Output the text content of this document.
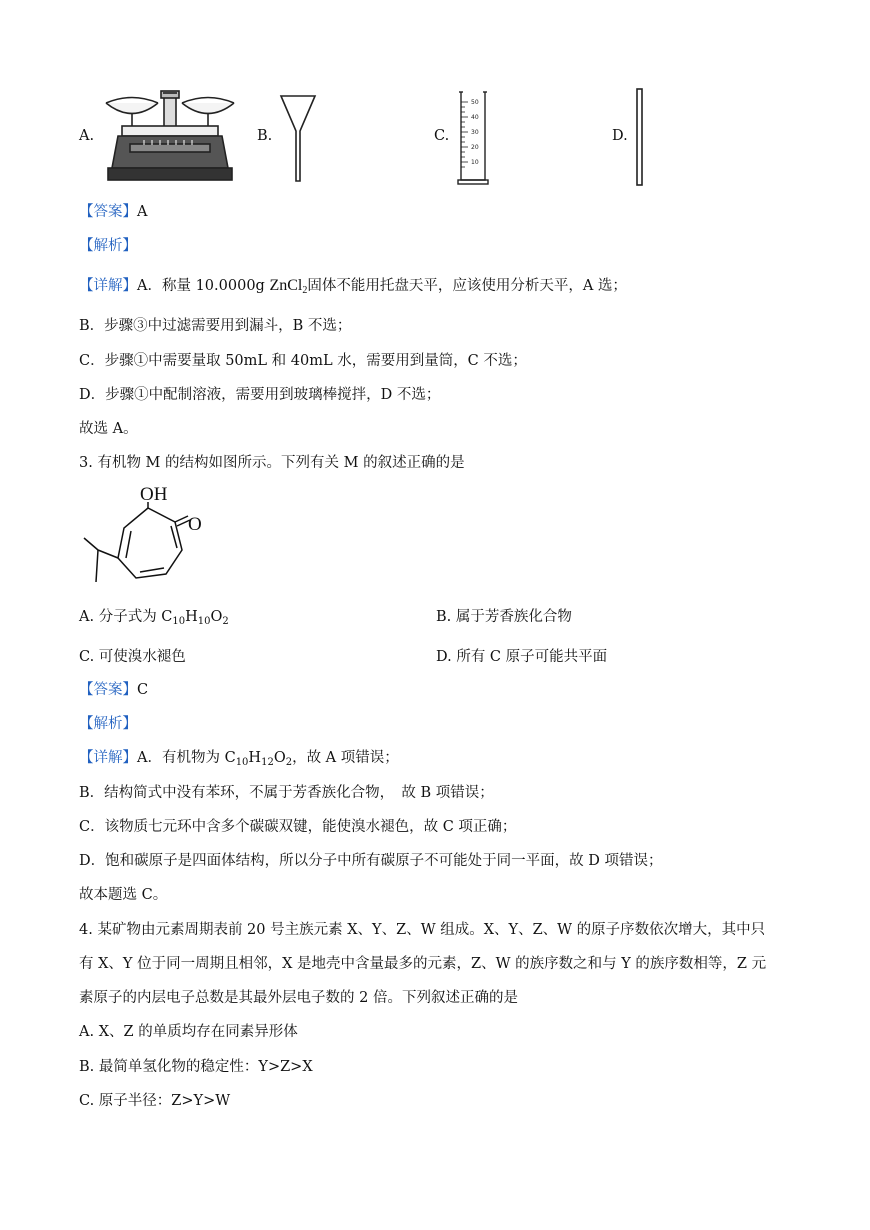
A.	B.	C.
50
40
30
20
10
D.
【答案】A
【解析】
【详解】A．称量 10.0000g ZnCl$_2$固体不能用托盘天平，应该使用分析天平，A 选；
B．步骤③中过滤需要用到漏斗，B 不选；
C．步骤①中需要量取 50mL 和 40mL 水，需要用到量筒，C 不选；
D．步骤①中配制溶液，需要用到玻璃棒搅拌，D 不选；
故选 A。
3. 有机物 M 的结构如图所示。下列有关 M 的叙述正确的是
OH
O
A. 分子式为 $C_{10}H_{10}O_2$	B. 属于芳香族化合物
C. 可使溴水褪色	D. 所有 C 原子可能共平面
【答案】C
【解析】
【详解】A．有机物为 $C_{10}H_{12}O_2$，故 A 项错误；
B．结构简式中没有苯环，不属于芳香族化合物，　故 B 项错误；
C．该物质七元环中含多个碳碳双键，能使溴水褪色，故 C 项正确；
D．饱和碳原子是四面体结构，所以分子中所有碳原子不可能处于同一平面，故 D 项错误；
故本题选 C。
4. 某矿物由元素周期表前 20 号主族元素 X、Y、Z、W 组成。X、Y、Z、W 的原子序数依次增大，其中只
有 X、Y 位于同一周期且相邻，X 是地壳中含量最多的元素，Z、W 的族序数之和与 Y 的族序数相等，Z 元
素原子的内层电子总数是其最外层电子数的 2 倍。下列叙述正确的是
A. X、Z 的单质均存在同素异形体
B. 最简单氢化物的稳定性：Y>Z>X
C. 原子半径：Z>Y>W
